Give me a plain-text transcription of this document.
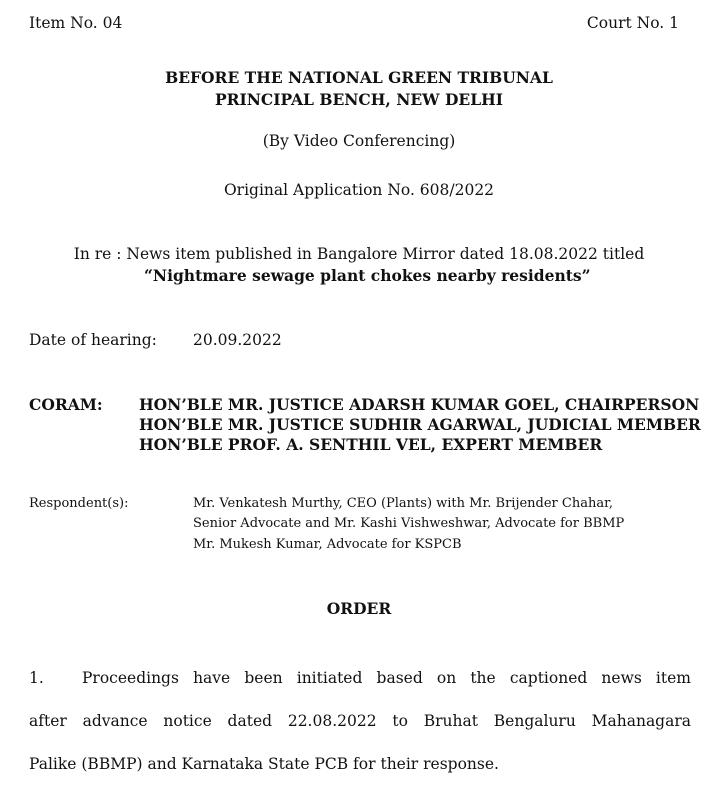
Item No. 04	Court No. 1
BEFORE THE NATIONAL GREEN TRIBUNAL
PRINCIPAL BENCH, NEW DELHI
(By Video Conferencing)
Original Application No. 608/2022
In re : News item published in Bangalore Mirror dated 18.08.2022 titled
“Nightmare sewage plant chokes nearby residents”
Date of hearing: 20.09.2022
CORAM: HON’BLE MR. JUSTICE ADARSH KUMAR GOEL, CHAIRPERSON
HON’BLE MR. JUSTICE SUDHIR AGARWAL, JUDICIAL MEMBER
HON’BLE PROF. A. SENTHIL VEL, EXPERT MEMBER
Respondent(s):	Mr. Venkatesh Murthy, CEO (Plants) with Mr. Brijender Chahar,
Senior Advocate and Mr. Kashi Vishweshwar, Advocate for BBMP
Mr. Mukesh Kumar, Advocate for KSPCB
ORDER
1. Proceedings have been initiated based on the captioned news item
after advance notice dated 22.08.2022 to Bruhat Bengaluru Mahanagara
Palike (BBMP) and Karnataka State PCB for their response.
